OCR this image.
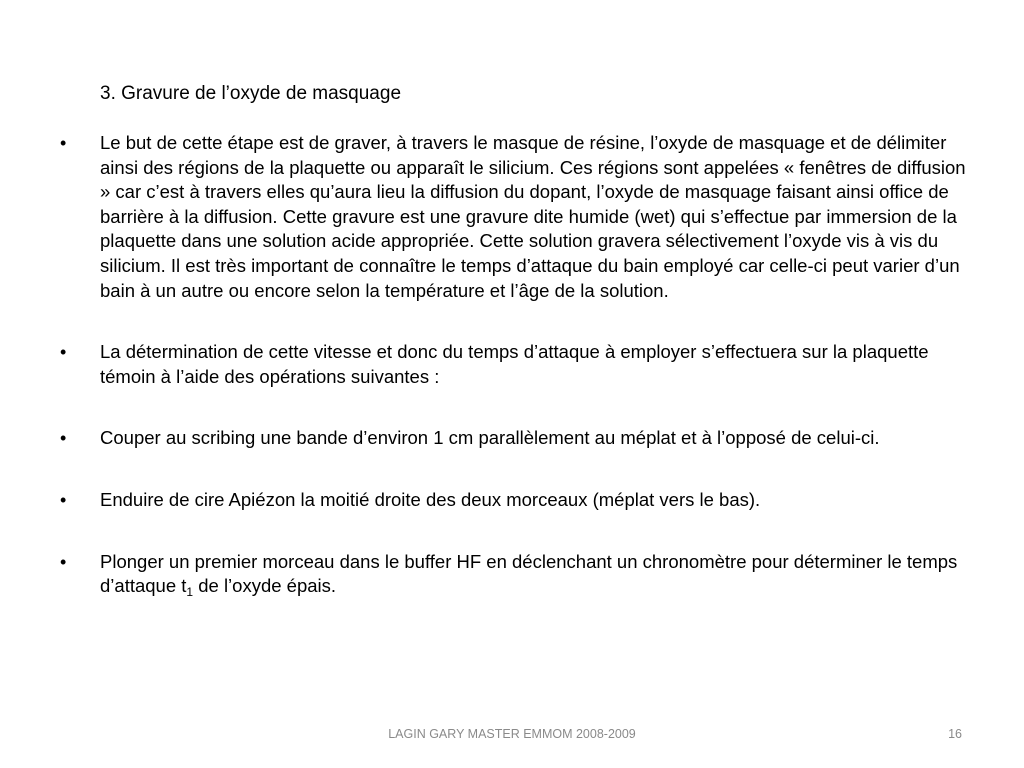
3. Gravure de l’oxyde de masquage
•	Le but de cette étape est de graver, à travers le masque de résine, l’oxyde de masquage et de délimiter ainsi des régions de la plaquette ou apparaît le silicium. Ces régions sont appelées « fenêtres de diffusion » car c’est à travers elles qu’aura lieu la diffusion du dopant, l’oxyde de masquage faisant ainsi office de barrière à la diffusion. Cette gravure est une gravure dite humide (wet) qui s’effectue par immersion de la plaquette dans une solution acide appropriée. Cette solution gravera sélectivement l’oxyde vis à vis du silicium. Il est très important de connaître le temps d’attaque du bain employé car celle-ci peut varier d’un bain à un autre ou encore selon la température et l’âge de la solution.
•	La détermination de cette vitesse et donc du temps d’attaque à employer s’effectuera sur la plaquette témoin à l’aide des opérations suivantes :
•	Couper au scribing une bande d’environ 1 cm parallèlement au méplat et à l’opposé de celui-ci.
•	Enduire de cire Apiézon la moitié droite des deux morceaux (méplat vers le bas).
•	Plonger un premier morceau dans le buffer HF en déclenchant un chronomètre pour déterminer le temps d’attaque $t_1$ de l’oxyde épais.
LAGIN GARY MASTER EMMOM 2008-2009	16
